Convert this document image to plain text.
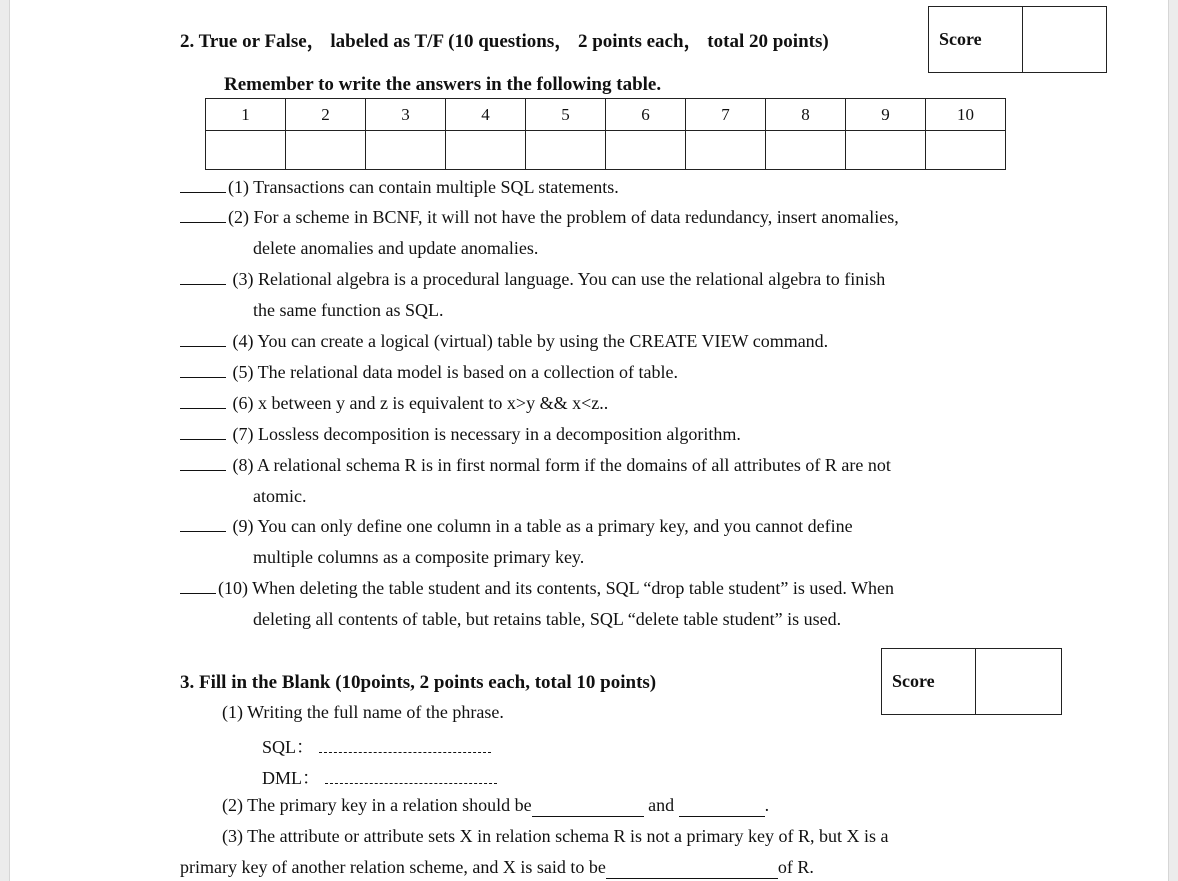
2. True or False， labeled as T/F (10 questions， 2 points each， total 20 points)	Score
Remember to write the answers in the following table.
1	2	3	4	5	6	7	8	9	10

(1) Transactions can contain multiple SQL statements.
(2) For a scheme in BCNF, it will not have the problem of data redundancy, insert anomalies,
delete anomalies and update anomalies.
(3) Relational algebra is a procedural language. You can use the relational algebra to finish
the same function as SQL.
(4) You can create a logical (virtual) table by using the CREATE VIEW command.
(5) The relational data model is based on a collection of table.
(6) x between y and z is equivalent to x>y && x<z..
(7) Lossless decomposition is necessary in a decomposition algorithm.
(8) A relational schema R is in first normal form if the domains of all attributes of R are not
atomic.
(9) You can only define one column in a table as a primary key, and you cannot define
multiple columns as a composite primary key.
(10) When deleting the table student and its contents, SQL “drop table student” is used. When
deleting all contents of table, but retains table, SQL “delete table student” is used.
3. Fill in the Blank (10points, 2 points each, total 10 points)	Score
(1) Writing the full name of the phrase.
SQL：
DML：
(2) The primary key in a relation should be	and	.
(3) The attribute or attribute sets X in relation schema R is not a primary key of R, but X is a
primary key of another relation scheme, and X is said to be	of R.
